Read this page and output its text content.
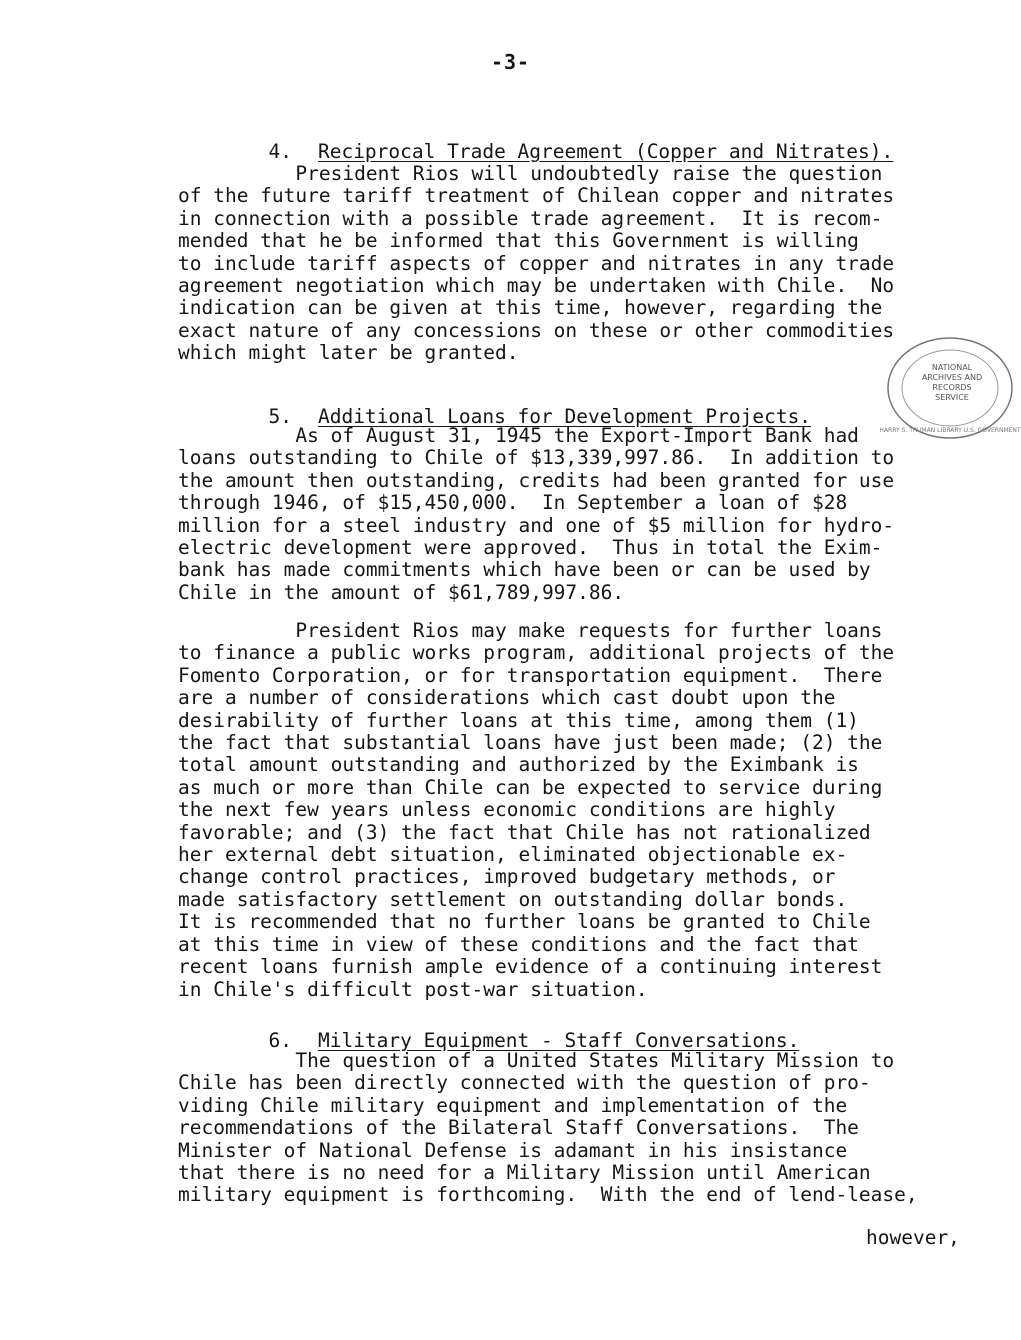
-3-

4. Reciprocal Trade Agreement (Copper and Nitrates).

President Rios will undoubtedly raise the question
of the future tariff treatment of Chilean copper and nitrates
in connection with a possible trade agreement.  It is recom-
mended that he be informed that this Government is willing
to include tariff aspects of copper and nitrates in any trade
agreement negotiation which may be undertaken with Chile.  No
indication can be given at this time, however, regarding the
exact nature of any concessions on these or other commodities
which might later be granted.

5. Additional Loans for Development Projects.

As of August 31, 1945 the Export-Import Bank had
loans outstanding to Chile of $13,339,997.86.  In addition to
the amount then outstanding, credits had been granted for use
through 1946, of $15,450,000.  In September a loan of $28
million for a steel industry and one of $5 million for hydro-
electric development were approved.  Thus in total the Exim-
bank has made commitments which have been or can be used by
Chile in the amount of $61,789,997.86.
President Rios may make requests for further loans
to finance a public works program, additional projects of the
Fomento Corporation, or for transportation equipment.  There
are a number of considerations which cast doubt upon the
desirability of further loans at this time, among them (1)
the fact that substantial loans have just been made; (2) the
total amount outstanding and authorized by the Eximbank is
as much or more than Chile can be expected to service during
the next few years unless economic conditions are highly
favorable; and (3) the fact that Chile has not rationalized
her external debt situation, eliminated objectionable ex-
change control practices, improved budgetary methods, or
made satisfactory settlement on outstanding dollar bonds.
It is recommended that no further loans be granted to Chile
at this time in view of these conditions and the fact that
recent loans furnish ample evidence of a continuing interest
in Chile's difficult post-war situation.

6. Military Equipment - Staff Conversations.

The question of a United States Military Mission to
Chile has been directly connected with the question of pro-
viding Chile military equipment and implementation of the
recommendations of the Bilateral Staff Conversations.  The
Minister of National Defense is adamant in his insistance
that there is no need for a Military Mission until American
military equipment is forthcoming.  With the end of lend-lease,
however,
NATIONAL
ARCHIVES AND
RECORDS
SERVICE
HARRY S. TRUMAN LIBRARY U.S. GOVERNMENT
